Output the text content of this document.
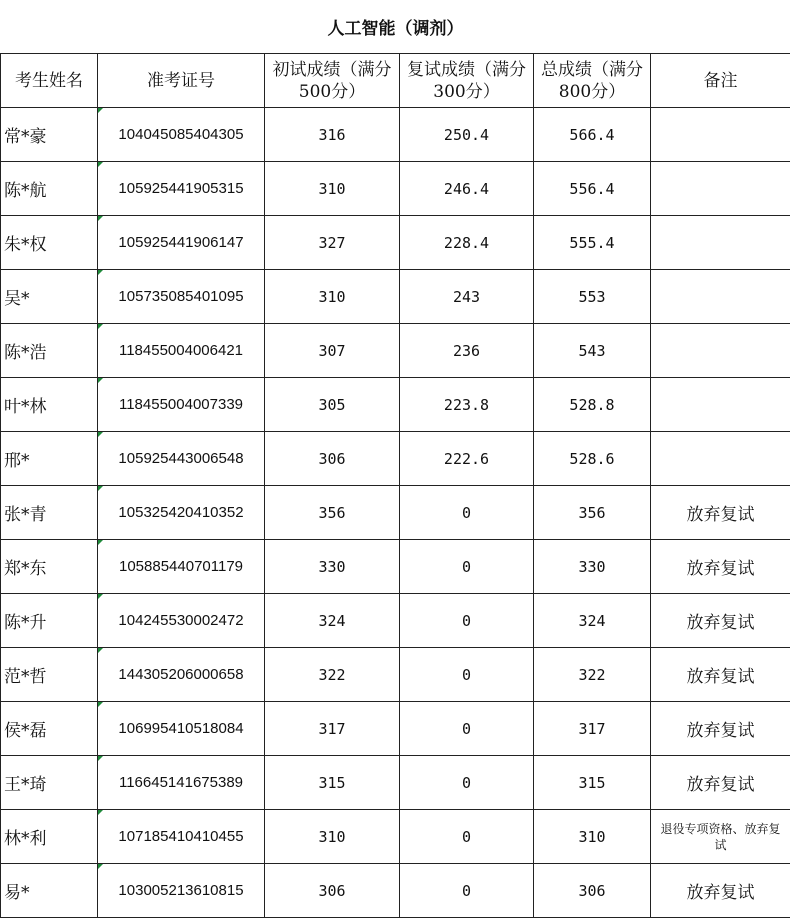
人工智能（调剂）					
考生姓名	准考证号	初试成绩（满分500分）	复试成绩（满分300分）	总成绩（满分800分）	备注
常*豪	104045085404305	316	250.4	566.4	
陈*航	105925441905315	310	246.4	556.4	
朱*权	105925441906147	327	228.4	555.4	
吴*	105735085401095	310	243	553	
陈*浩	118455004006421	307	236	543	
叶*林	118455004007339	305	223.8	528.8	
邢*	105925443006548	306	222.6	528.6	
张*青	105325420410352	356	0	356	放弃复试
郑*东	105885440701179	330	0	330	放弃复试
陈*升	104245530002472	324	0	324	放弃复试
范*哲	144305206000658	322	0	322	放弃复试
侯*磊	106995410518084	317	0	317	放弃复试
王*琦	116645141675389	315	0	315	放弃复试
林*利	107185410410455	310	0	310	退役专项资格、放弃复试
易*	103005213610815	306	0	306	放弃复试
